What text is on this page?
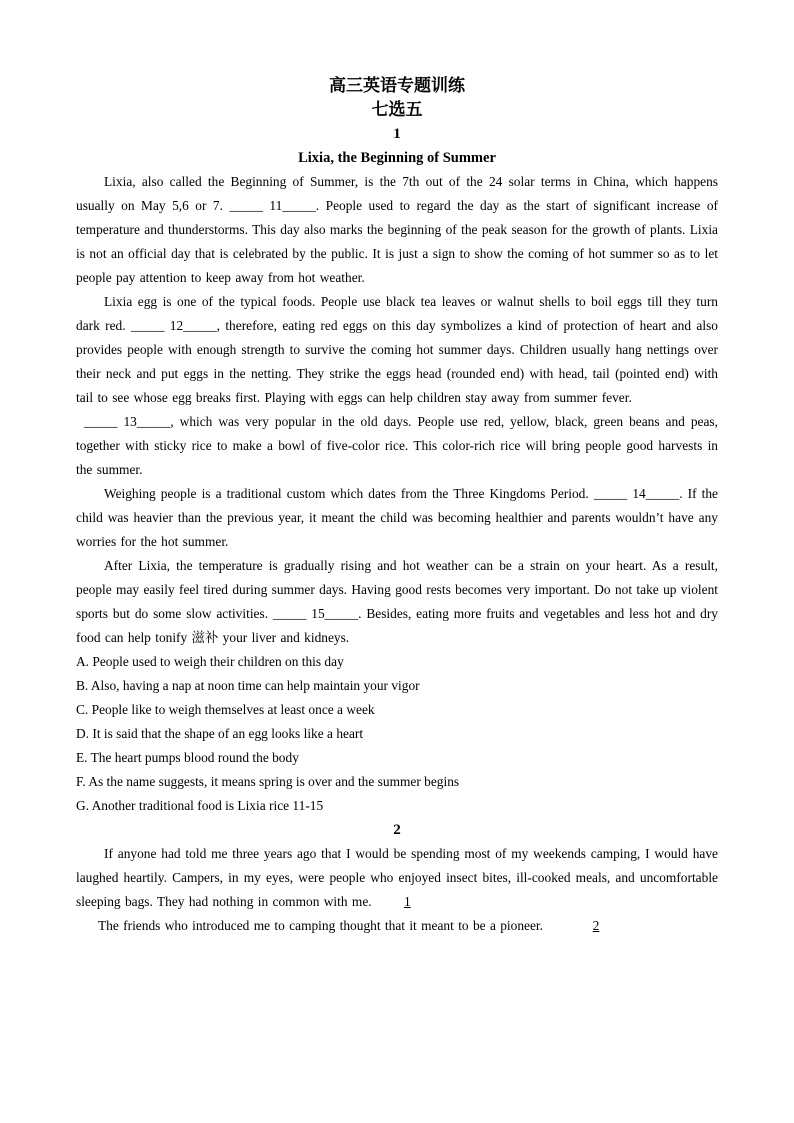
高三英语专题训练
七选五
1
Lixia, the Beginning of Summer

Lixia, also called the Beginning of Summer, is the 7th out of the 24 solar terms in China, which happens usually on May 5,6 or 7. _____ 11_____. People used to regard the day as the start of significant increase of temperature and thunderstorms. This day also marks the beginning of the peak season for the growth of plants. Lixia is not an official day that is celebrated by the public. It is just a sign to show the coming of hot summer so as to let people pay attention to keep away from hot weather.

Lixia egg is one of the typical foods. People use black tea leaves or walnut shells to boil eggs till they turn dark red. _____ 12_____, therefore, eating red eggs on this day symbolizes a kind of protection of heart and also provides people with enough strength to survive the coming hot summer days. Children usually hang nettings over their neck and put eggs in the netting. They strike the eggs head (rounded end) with head, tail (pointed end) with tail to see whose egg breaks first. Playing with eggs can help children stay away from summer fever.

_____ 13_____, which was very popular in the old days. People use red, yellow, black, green beans and peas, together with sticky rice to make a bowl of five-color rice. This color-rich rice will bring people good harvests in the summer.

Weighing people is a traditional custom which dates from the Three Kingdoms Period. _____ 14_____. If the child was heavier than the previous year, it meant the child was becoming healthier and parents wouldn’t have any worries for the hot summer.

After Lixia, the temperature is gradually rising and hot weather can be a strain on your heart. As a result, people may easily feel tired during summer days. Having good rests becomes very important. Do not take up violent sports but do some slow activities. _____ 15_____. Besides, eating more fruits and vegetables and less hot and dry food can help tonify 滋补 your liver and kidneys.

A. People used to weigh their children on this day

B. Also, having a nap at noon time can help maintain your vigor

C. People like to weigh themselves at least once a week

D. It is said that the shape of an egg looks like a heart

E. The heart pumps blood round the body

F. As the name suggests, it means spring is over and the summer begins

G. Another traditional food is Lixia rice 11-15

2

If anyone had told me three years ago that I would be spending most of my weekends camping, I would have laughed heartily. Campers, in my eyes, were people who enjoyed insect bites, ill-cooked meals, and uncomfortable sleeping bags. They had nothing in common with me. 1

The friends who introduced me to camping thought that it meant to be a pioneer.	2
